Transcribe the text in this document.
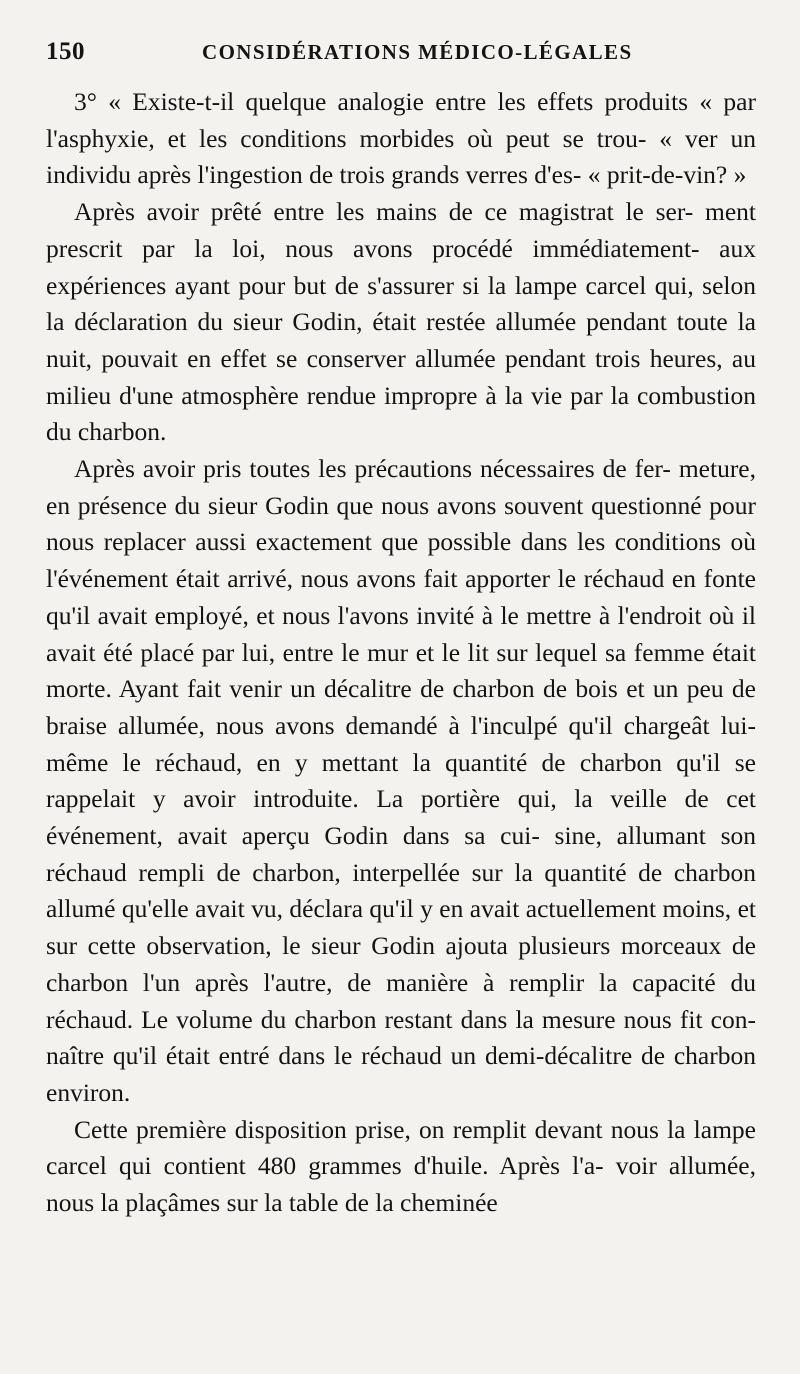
150	CONSIDÉRATIONS MÉDICO-LÉGALES

3° « Existe-t-il quelque analogie entre les effets produits « par l'asphyxie, et les conditions morbides où peut se trou- « ver un individu après l'ingestion de trois grands verres d'es- « prit-de-vin? »

Après avoir prêté entre les mains de ce magistrat le ser- ment prescrit par la loi, nous avons procédé immédiatement- aux expériences ayant pour but de s'assurer si la lampe carcel qui, selon la déclaration du sieur Godin, était restée allumée pendant toute la nuit, pouvait en effet se conserver allumée pendant trois heures, au milieu d'une atmosphère rendue impropre à la vie par la combustion du charbon.

Après avoir pris toutes les précautions nécessaires de fer- meture, en présence du sieur Godin que nous avons souvent questionné pour nous replacer aussi exactement que possible dans les conditions où l'événement était arrivé, nous avons fait apporter le réchaud en fonte qu'il avait employé, et nous l'avons invité à le mettre à l'endroit où il avait été placé par lui, entre le mur et le lit sur lequel sa femme était morte. Ayant fait venir un décalitre de charbon de bois et un peu de braise allumée, nous avons demandé à l'inculpé qu'il chargeât lui-même le réchaud, en y mettant la quantité de charbon qu'il se rappelait y avoir introduite. La portière qui, la veille de cet événement, avait aperçu Godin dans sa cui- sine, allumant son réchaud rempli de charbon, interpellée sur la quantité de charbon allumé qu'elle avait vu, déclara qu'il y en avait actuellement moins, et sur cette observation, le sieur Godin ajouta plusieurs morceaux de charbon l'un après l'autre, de manière à remplir la capacité du réchaud. Le volume du charbon restant dans la mesure nous fit con- naître qu'il était entré dans le réchaud un demi-décalitre de charbon environ.

Cette première disposition prise, on remplit devant nous la lampe carcel qui contient 480 grammes d'huile. Après l'a- voir allumée, nous la plaçâmes sur la table de la cheminée
